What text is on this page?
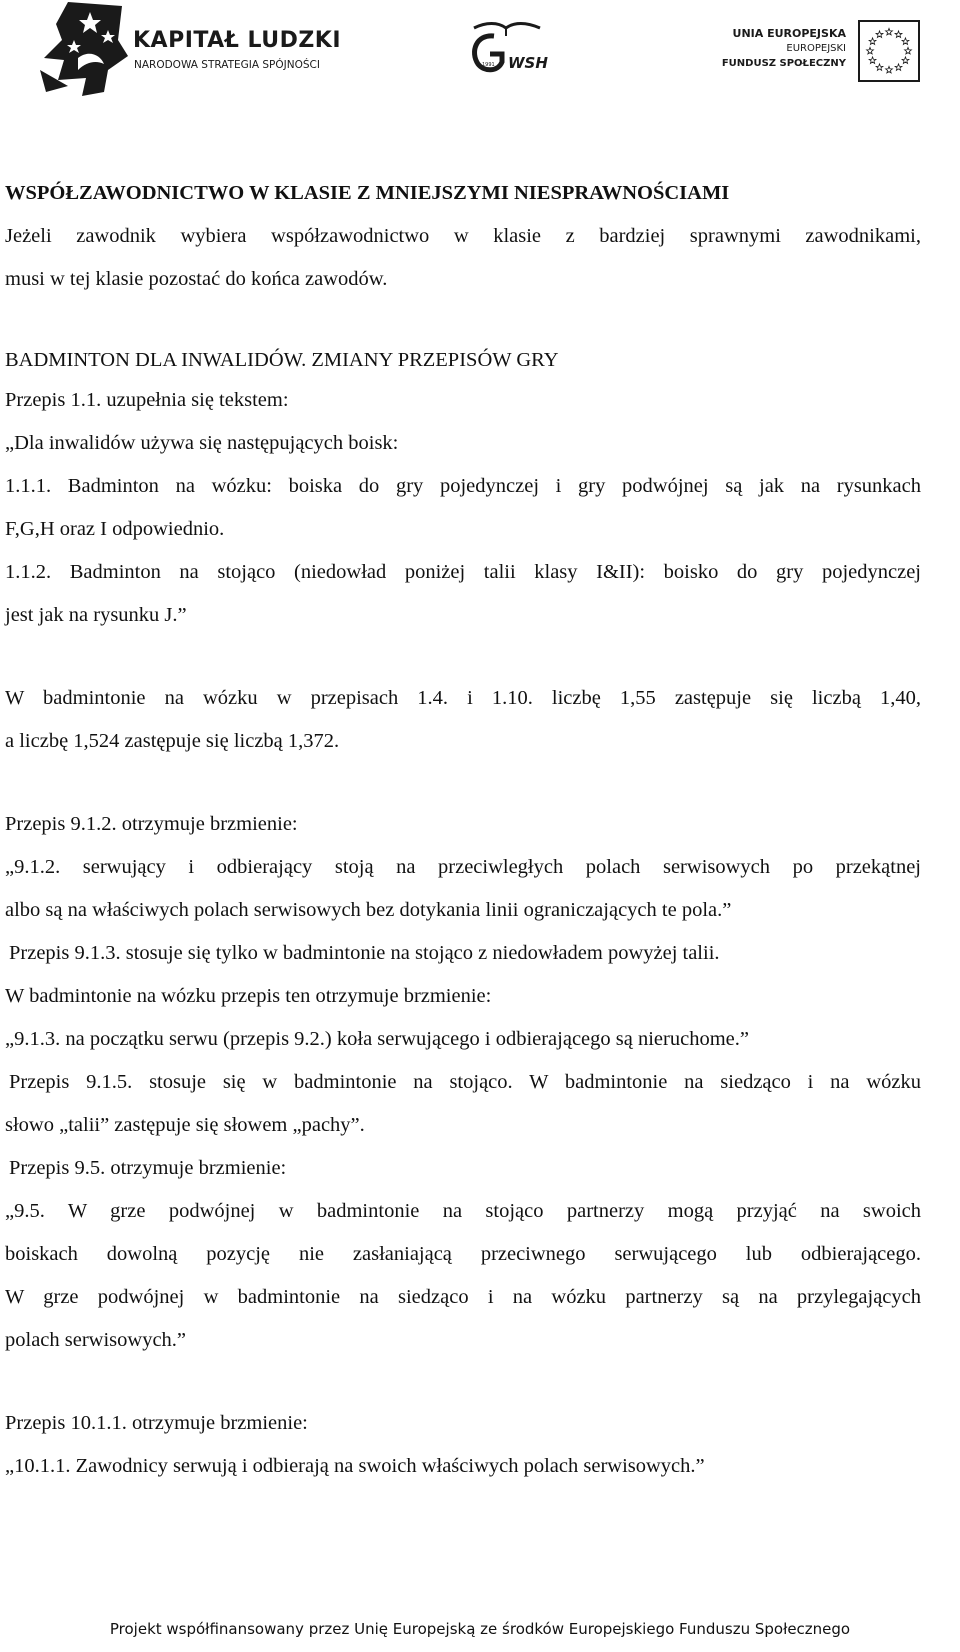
KAPITAŁ LUDZKI
NARODOWA STRATEGIA SPÓJNOŚCI	1991 WSH
UNIA EUROPEJSKA
EUROPEJSKI
FUNDUSZ SPOŁECZNY
WSPÓŁZAWODNICTWO W KLASIE Z MNIEJSZYMI NIESPRAWNOŚCIAMI
Jeżeli zawodnik wybiera współzawodnictwo w klasie z bardziej sprawnymi zawodnikami,
musi w tej klasie pozostać do końca zawodów.
BADMINTON DLA INWALIDÓW. ZMIANY PRZEPISÓW GRY
Przepis 1.1. uzupełnia się tekstem:
„Dla inwalidów używa się następujących boisk:
1.1.1. Badminton na wózku: boiska do gry pojedynczej i gry podwójnej są jak na rysunkach
F,G,H oraz I odpowiednio.
1.1.2. Badminton na stojąco (niedowład poniżej talii klasy I&II): boisko do gry pojedynczej
jest jak na rysunku J.”
W badmintonie na wózku w przepisach 1.4. i 1.10. liczbę 1,55 zastępuje się liczbą 1,40,
a liczbę 1,524 zastępuje się liczbą 1,372.
Przepis 9.1.2. otrzymuje brzmienie:
„9.1.2. serwujący i odbierający stoją na przeciwległych polach serwisowych po przekątnej
albo są na właściwych polach serwisowych bez dotykania linii ograniczających te pola.”
Przepis 9.1.3. stosuje się tylko w badmintonie na stojąco z niedowładem powyżej talii.
W badmintonie na wózku przepis ten otrzymuje brzmienie:
„9.1.3. na początku serwu (przepis 9.2.) koła serwującego i odbierającego są nieruchome.”
Przepis 9.1.5. stosuje się w badmintonie na stojąco. W badmintonie na siedząco i na wózku
słowo „talii” zastępuje się słowem „pachy”.
Przepis 9.5. otrzymuje brzmienie:
„9.5. W grze podwójnej w badmintonie na stojąco partnerzy mogą przyjąć na swoich
boiskach dowolną pozycję nie zasłaniającą przeciwnego serwującego lub odbierającego.
W grze podwójnej w badmintonie na siedząco i na wózku partnerzy są na przylegających
polach serwisowych.”
Przepis 10.1.1. otrzymuje brzmienie:
„10.1.1. Zawodnicy serwują i odbierają na swoich właściwych polach serwisowych.”
Projekt współfinansowany przez Unię Europejską ze środków Europejskiego Funduszu Społecznego
